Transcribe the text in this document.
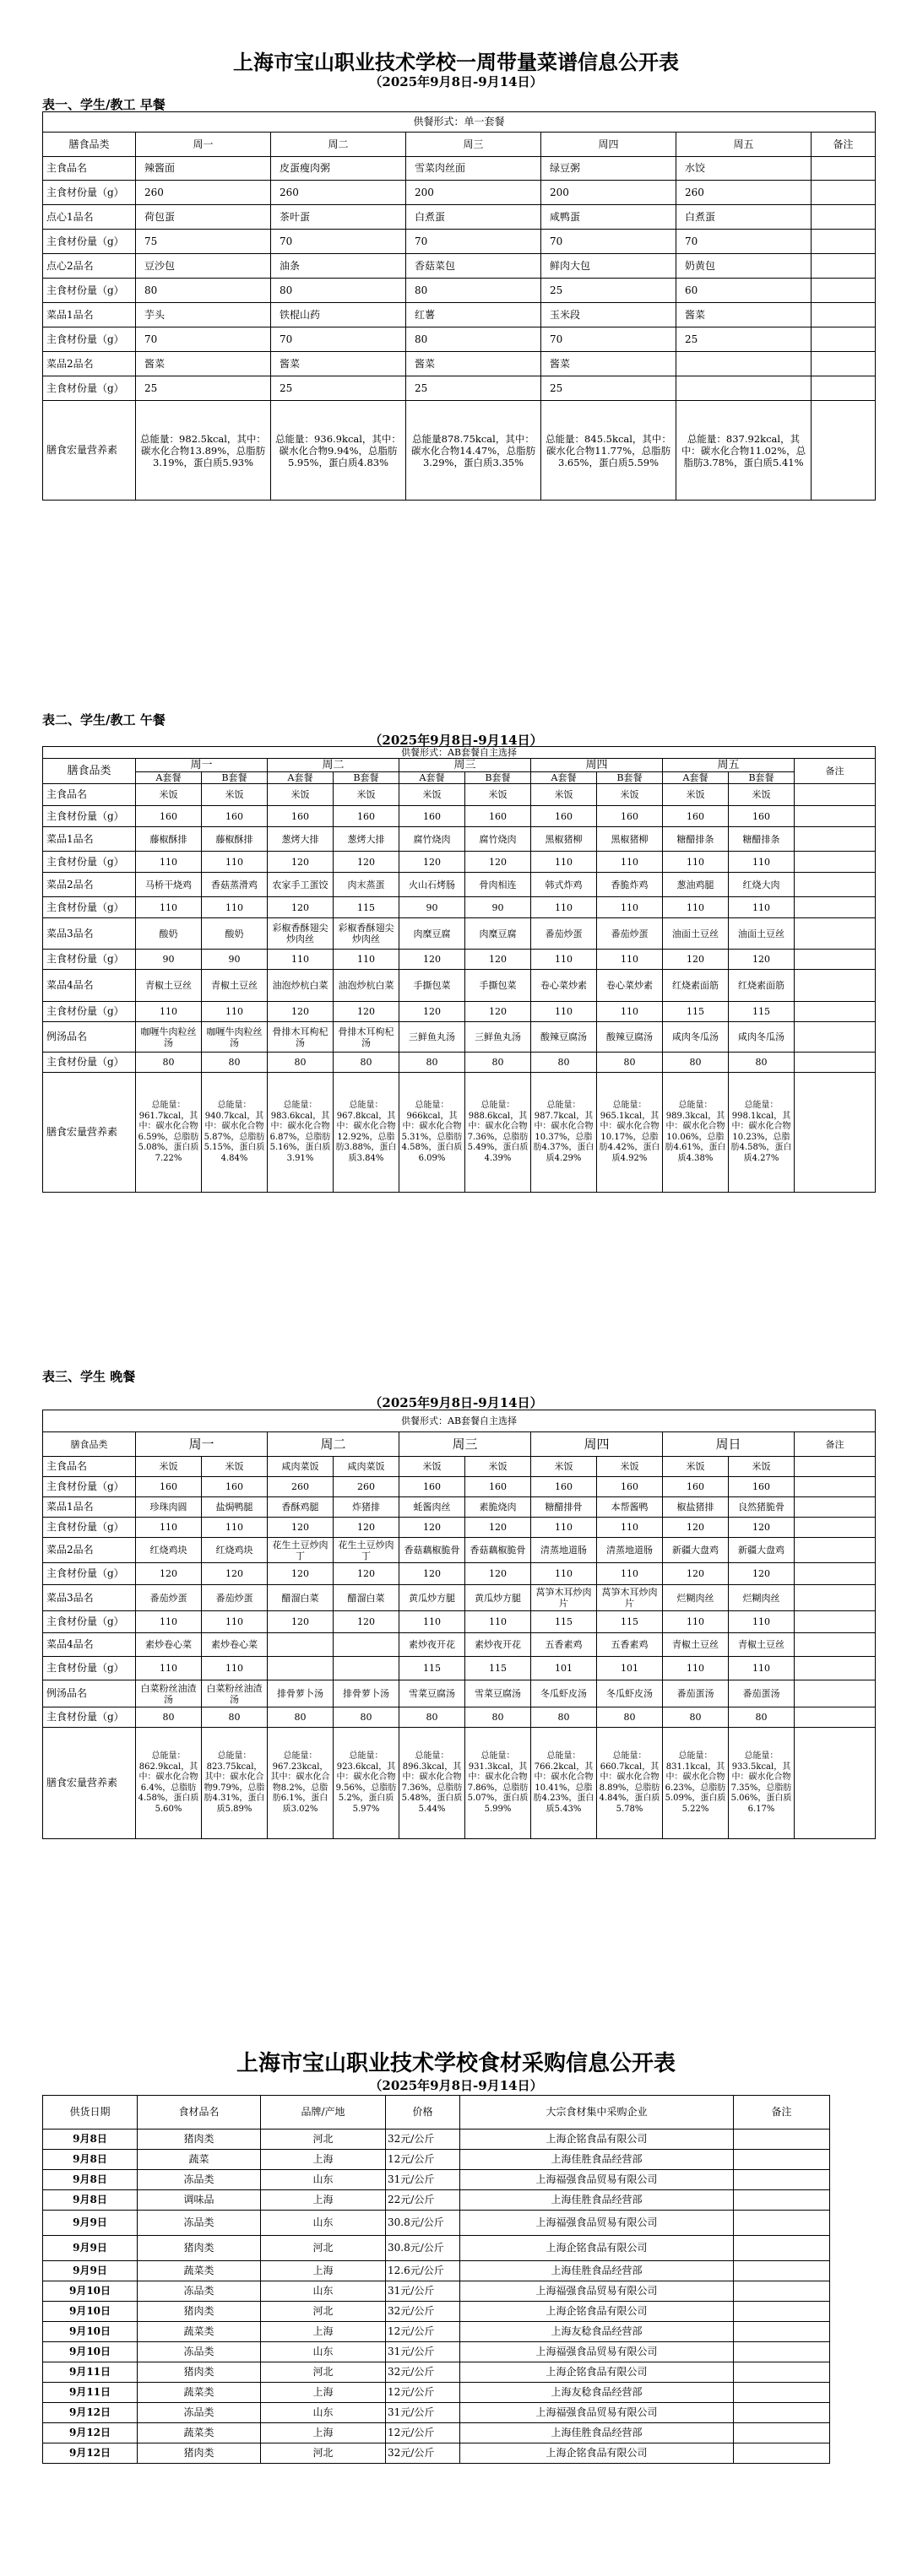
上海市宝山职业技术学校一周带量菜谱信息公开表
（2025年9月8日-9月14日）
表一、学生/教工 早餐
供餐形式：单一套餐						
膳食品类	周一	周二	周三	周四	周五	备注
主食品名	辣酱面	皮蛋瘦肉粥	雪菜肉丝面	绿豆粥	水饺	
主食材份量（g）	260	260	200	200	260	
点心1品名	荷包蛋	茶叶蛋	白煮蛋	咸鸭蛋	白煮蛋	
主食材份量（g）	75	70	70	70	70	
点心2品名	豆沙包	油条	香菇菜包	鲜肉大包	奶黄包	
主食材份量（g）	80	80	80	25	60	
菜品1品名	芋头	铁棍山药	红薯	玉米段	酱菜	
主食材份量（g）	70	70	80	70	25	
菜品2品名	酱菜	酱菜	酱菜	酱菜		
主食材份量（g）	25	25	25	25		
膳食宏量营养素	总能量：982.5kcal，其中：碳水化合物13.89%，总脂肪3.19%，蛋白质5.93%	总能量：936.9kcal，其中：碳水化合物9.94%，总脂肪5.95%，蛋白质4.83%	总能量878.75kcal，其中：碳水化合物14.47%，总脂肪3.29%，蛋白质3.35%	总能量：845.5kcal，其中：碳水化合物11.77%，总脂肪3.65%，蛋白质5.59%	总能量：837.92kcal，其中：碳水化合物11.02%，总脂肪3.78%，蛋白质5.41%	
表二、学生/教工 午餐
（2025年9月8日-9月14日）
供餐形式：AB套餐自主选择											
膳食品类	周一		周二		周三		周四		周五		备注
	A套餐	B套餐	A套餐	B套餐	A套餐	B套餐	A套餐	B套餐	A套餐	B套餐	
主食品名	米饭	米饭	米饭	米饭	米饭	米饭	米饭	米饭	米饭	米饭	
主食材份量（g）	160	160	160	160	160	160	160	160	160	160	
菜品1品名	藤椒酥排	藤椒酥排	葱烤大排	葱烤大排	腐竹烧肉	腐竹烧肉	黑椒猪柳	黑椒猪柳	糖醋排条	糖醋排条	
主食材份量（g）	110	110	120	120	120	120	110	110	110	110	
菜品2品名	马桥干烧鸡	香菇蒸滑鸡	农家手工蛋饺	肉末蒸蛋	火山石烤肠	骨肉相连	韩式炸鸡	香脆炸鸡	葱油鸡腿	红烧大肉	
主食材份量（g）	110	110	120	115	90	90	110	110	110	110	
菜品3品名	酸奶	酸奶	彩椒香酥翅尖炒肉丝	彩椒香酥翅尖炒肉丝	肉糜豆腐	肉糜豆腐	番茄炒蛋	番茄炒蛋	油面土豆丝	油面土豆丝	
主食材份量（g）	90	90	110	110	120	120	110	110	120	120	
菜品4品名	青椒土豆丝	青椒土豆丝	油泡炒杭白菜	油泡炒杭白菜	手撕包菜	手撕包菜	卷心菜炒素	卷心菜炒素	红烧素面筋	红烧素面筋	
主食材份量（g）	110	110	120	120	120	120	110	110	115	115	
例汤品名	咖喱牛肉粒丝汤	咖喱牛肉粒丝汤	骨排木耳枸杞汤	骨排木耳枸杞汤	三鲜鱼丸汤	三鲜鱼丸汤	酸辣豆腐汤	酸辣豆腐汤	咸肉冬瓜汤	咸肉冬瓜汤	
主食材份量（g）	80	80	80	80	80	80	80	80	80	80	
膳食宏量营养素	总能量：961.7kcal，其中：碳水化合物6.59%，总脂肪5.08%，蛋白质7.22%	总能量：940.7kcal，其中：碳水化合物5.87%，总脂肪5.15%，蛋白质4.84%	总能量：983.6kcal，其中：碳水化合物6.87%，总脂肪5.16%，蛋白质3.91%	总能量：967.8kcal，其中：碳水化合物12.92%，总脂肪3.88%，蛋白质3.84%	总能量：966kcal，其中：碳水化合物5.31%，总脂肪4.58%，蛋白质6.09%	总能量：988.6kcal，其中：碳水化合物7.36%，总脂肪5.49%，蛋白质4.39%	总能量：987.7kcal，其中：碳水化合物10.37%，总脂肪4.37%，蛋白质4.29%	总能量：965.1kcal，其中：碳水化合物10.17%，总脂肪4.42%，蛋白质4.92%	总能量：989.3kcal，其中：碳水化合物10.06%，总脂肪4.61%，蛋白质4.38%	总能量：998.1kcal，其中：碳水化合物10.23%，总脂肪4.58%，蛋白质4.27%	
表三、学生 晚餐
（2025年9月8日-9月14日）
供餐形式：AB套餐自主选择											
膳食品类	周一		周二		周三		周四		周日		备注
主食品名	米饭	米饭	咸肉菜饭	咸肉菜饭	米饭	米饭	米饭	米饭	米饭	米饭	
主食材份量（g）	160	160	260	260	160	160	160	160	160	160	
菜品1品名	珍珠肉圆	盐焗鸭腿	香酥鸡腿	炸猪排	蚝酱肉丝	素脆烧肉	糖醋排骨	本帮酱鸭	椒盐猪排	良然猪脆骨	
主食材份量（g）	110	110	120	120	120	120	110	110	120	120	
菜品2品名	红烧鸡块	红烧鸡块	花生土豆炒肉丁	花生土豆炒肉丁	香菇藕椒脆骨	香菇藕椒脆骨	清蒸地道肠	清蒸地道肠	新疆大盘鸡	新疆大盘鸡	
主食材份量（g）	120	120	120	120	120	120	110	110	120	120	
菜品3品名	番茄炒蛋	番茄炒蛋	醋溜白菜	醋溜白菜	黄瓜炒方腿	黄瓜炒方腿	莴笋木耳炒肉片	莴笋木耳炒肉片	烂糊肉丝	烂糊肉丝	
主食材份量（g）	110	110	120	120	110	110	115	115	110	110	
菜品4品名	素炒卷心菜	素炒卷心菜			素炒夜开花	素炒夜开花	五香素鸡	五香素鸡	青椒土豆丝	青椒土豆丝	
主食材份量（g）	110	110			115	115	101	101	110	110	
例汤品名	白菜粉丝油渣汤	白菜粉丝油渣汤	排骨萝卜汤	排骨萝卜汤	雪菜豆腐汤	雪菜豆腐汤	冬瓜虾皮汤	冬瓜虾皮汤	番茄蛋汤	番茄蛋汤	
主食材份量（g）	80	80	80	80	80	80	80	80	80	80	
膳食宏量营养素	总能量：862.9kcal，其中：碳水化合物6.4%，总脂肪4.58%，蛋白质5.60%	总能量：823.75kcal，其中：碳水化合物9.79%，总脂肪4.31%，蛋白质5.89%	总能量：967.23kcal，其中：碳水化合物8.2%，总脂肪6.1%，蛋白质3.02%	总能量：923.6kcal，其中：碳水化合物9.56%，总脂肪5.2%，蛋白质5.97%	总能量：896.3kcal，其中：碳水化合物7.36%，总脂肪5.48%，蛋白质5.44%	总能量：931.3kcal，其中：碳水化合物7.86%，总脂肪5.07%，蛋白质5.99%	总能量：766.2kcal，其中：碳水化合物10.41%，总脂肪4.23%，蛋白质5.43%	总能量：660.7kcal，其中：碳水化合物8.89%，总脂肪4.84%，蛋白质5.78%	总能量：831.1kcal，其中：碳水化合物6.23%，总脂肪5.09%，蛋白质5.22%	总能量：933.5kcal，其中：碳水化合物7.35%，总脂肪5.06%，蛋白质6.17%	
上海市宝山职业技术学校食材采购信息公开表
（2025年9月8日-9月14日）
供货日期	食材品名	品牌/产地	价格	大宗食材集中采购企业	备注
9月8日	猪肉类	河北	32元/公斤	上海企铭食品有限公司	
9月8日	蔬菜	上海	12元/公斤	上海佳胜食品经营部	
9月8日	冻品类	山东	31元/公斤	上海福强食品贸易有限公司	
9月8日	调味品	上海	22元/公斤	上海佳胜食品经营部	
9月9日	冻品类	山东	30.8元/公斤	上海福强食品贸易有限公司	
9月9日	猪肉类	河北	30.8元/公斤	上海企铭食品有限公司	
9月9日	蔬菜类	上海	12.6元/公斤	上海佳胜食品经营部	
9月10日	冻品类	山东	31元/公斤	上海福强食品贸易有限公司	
9月10日	猪肉类	河北	32元/公斤	上海企铭食品有限公司	
9月10日	蔬菜类	上海	12元/公斤	上海友稔食品经营部	
9月10日	冻品类	山东	31元/公斤	上海福强食品贸易有限公司	
9月11日	猪肉类	河北	32元/公斤	上海企铭食品有限公司	
9月11日	蔬菜类	上海	12元/公斤	上海友稔食品经营部	
9月12日	冻品类	山东	31元/公斤	上海福强食品贸易有限公司	
9月12日	蔬菜类	上海	12元/公斤	上海佳胜食品经营部	
9月12日	猪肉类	河北	32元/公斤	上海企铭食品有限公司	
